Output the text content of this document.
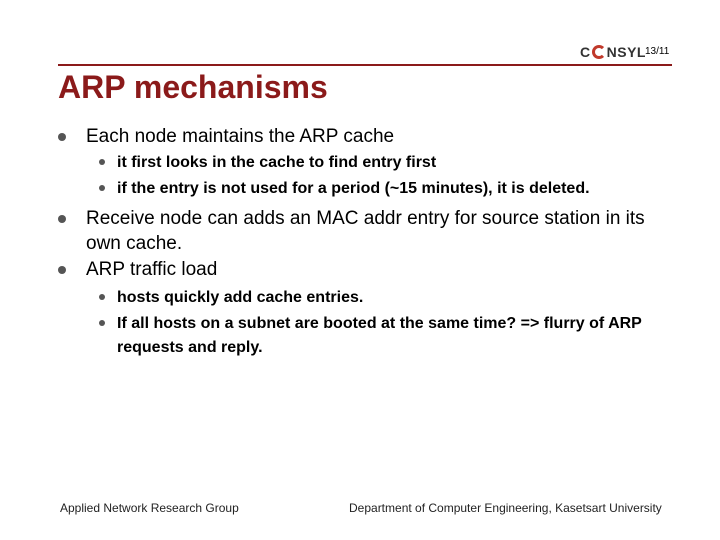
C NSYL 13/11
ARP mechanisms
Each node maintains the ARP cache
it first looks in the cache to find entry first
if the entry is not used for a period (~15 minutes), it is deleted.
Receive node can adds an MAC addr entry for source station in its own cache.
ARP traffic load
hosts quickly add cache entries.
If all hosts on a subnet are booted at the same time? => flurry of ARP requests and reply.
Applied Network Research Group	Department of Computer Engineering, Kasetsart University
